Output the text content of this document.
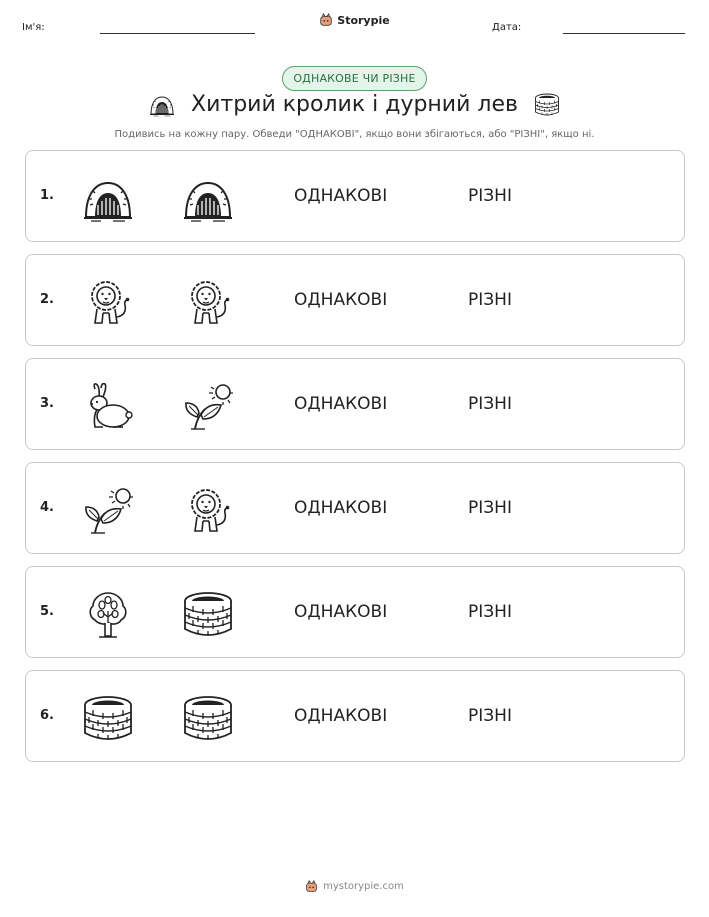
Ім'я:
Storypie
Дата:
ОДНАКОВЕ ЧИ РІЗНЕ
Хитрий кролик і дурний лев
Подивись на кожну пару. Обведи "ОДНАКОВІ", якщо вони збігаються, або "РІЗНІ", якщо ні.
1.	ОДНАКОВІ	РІЗНІ
2.	ОДНАКОВІ	РІЗНІ
3.	ОДНАКОВІ	РІЗНІ
4.	ОДНАКОВІ	РІЗНІ
5.	ОДНАКОВІ	РІЗНІ
6.	ОДНАКОВІ	РІЗНІ
mystorypie.com
